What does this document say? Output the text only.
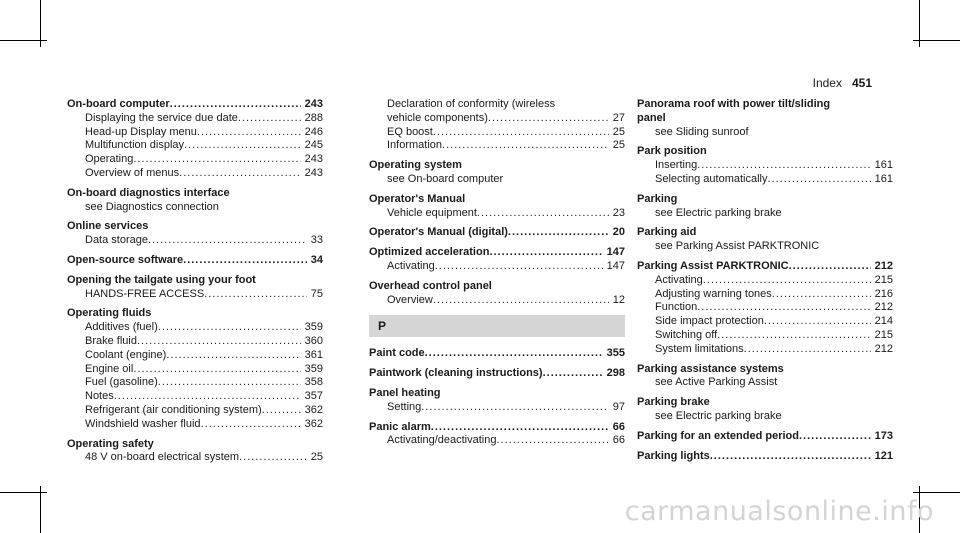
Index 451
On-board computer .....	243
Displaying the service due date .....	288
Head-up Display menu .....	246
Multifunction display .....	245
Operating .....	243
Overview of menus .....	243
On-board diagnostics interface
see Diagnostics connection
Online services
Data storage .....	33
Open-source software .....	34
Opening the tailgate using your foot
HANDS-FREE ACCESS .....	75
Operating fluids
Additives (fuel) .....	359
Brake fluid .....	360
Coolant (engine) .....	361
Engine oil .....	359
Fuel (gasoline) .....	358
Notes .....	357
Refrigerant (air conditioning system) .....	362
Windshield washer fluid .....	362
Operating safety
48 V on-board electrical system .....	25
Declaration of conformity (wireless
vehicle components) .....	27
EQ boost .....	25
Information .....	25
Operating system
see On-board computer
Operator's Manual
Vehicle equipment .....	23
Operator's Manual (digital) .....	20
Optimized acceleration .....	147
Activating .....	147
Overhead control panel
Overview .....	12
P
Paint code .....	355
Paintwork (cleaning instructions) .....	298
Panel heating
Setting .....	97
Panic alarm .....	66
Activating/deactivating .....	66
Panorama roof with power tilt/sliding
panel
see Sliding sunroof
Park position
Inserting .....	161
Selecting automatically .....	161
Parking
see Electric parking brake
Parking aid
see Parking Assist PARKTRONIC
Parking Assist PARKTRONIC .....	212
Activating .....	215
Adjusting warning tones .....	216
Function .....	212
Side impact protection .....	214
Switching off .....	215
System limitations .....	212
Parking assistance systems
see Active Parking Assist
Parking brake
see Electric parking brake
Parking for an extended period .....	173
Parking lights .....	121
carmanualsonline.info
